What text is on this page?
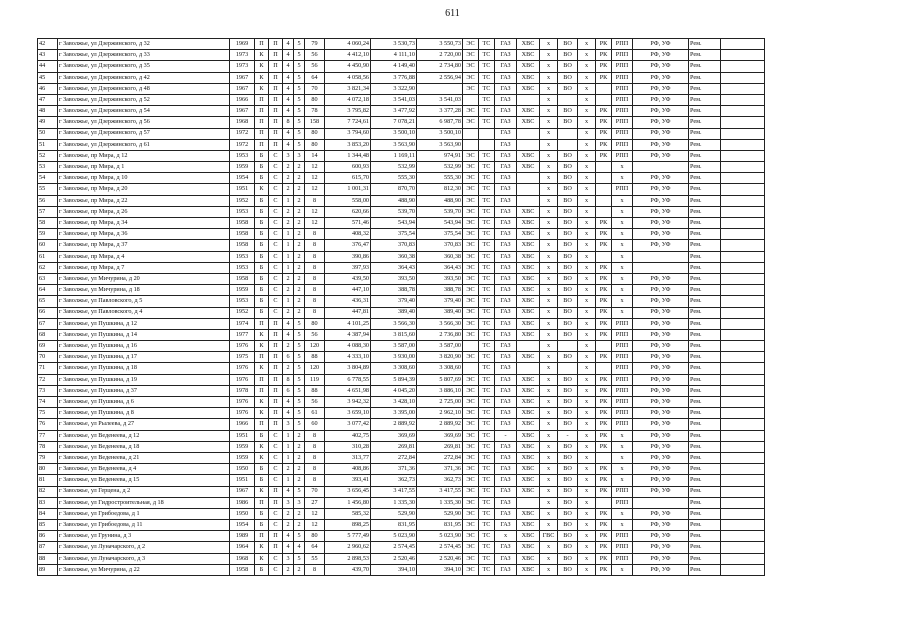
611
42	г Заволжье, ул Дзержинского, д 32	1969	П	П	4	5	79	4 060,24	3 530,73	3 550,73	ЭС	ТС	ГАЗ	ХВС	х	ВО	х	РК	РПП	РФ, УФ	Рем.	
43	г Заволжье, ул Дзержинского, д 33	1973	К	П	4	5	56	4 412,10	4 111,10	2 720,00	ЭС	ТС	ГАЗ	ХВС	х	ВО	х	РК	РПП	РФ, УФ	Рем.	
44	г Заволжье, ул Дзержинского, д 35	1973	К	П	4	5	56	4 450,90	4 149,40	2 734,80	ЭС	ТС	ГАЗ	ХВС	х	ВО	х	РК	РПП	РФ, УФ	Рем.	
45	г Заволжье, ул Дзержинского, д 42	1967	К	П	4	5	64	4 058,56	3 776,88	2 556,94	ЭС	ТС	ГАЗ	ХВС	х	ВО	х	РК	РПП	РФ, УФ	Рем.	
46	г Заволжье, ул Дзержинского, д 48	1967	К	П	4	5	70	3 821,34	3 322,90		ЭС	ТС	ГАЗ	ХВС	х	ВО	х		РПП	РФ, УФ	Рем.	
47	г Заволжье, ул Дзержинского, д 52	1966	П	П	4	5	80	4 072,18	3 541,03	3 541,03		ТС	ГАЗ		х		х		РПП	РФ, УФ	Рем.	
48	г Заволжье, ул Дзержинского, д 54	1967	П	П	4	5	78	3 795,82	3 477,92	3 377,28	ЭС	ТС	ГАЗ	ХВС	х	ВО	х	РК	РПП	РФ, УФ	Рем.	
49	г Заволжье, ул Дзержинского, д 56	1968	П	П	8	5	158	7 724,61	7 078,21	6 987,78	ЭС	ТС	ГАЗ	ХВС	х	ВО	х	РК	РПП	РФ, УФ	Рем.	
50	г Заволжье, ул Дзержинского, д 57	1972	П	П	4	5	80	3 794,60	3 500,10	3 500,10			ГАЗ		х		х	РК	РПП	РФ, УФ	Рем.	
51	г Заволжье, ул Дзержинского, д 61	1972	П	П	4	5	80	3 853,20	3 563,90	3 563,90			ГАЗ		х		х	РК	РПП	РФ, УФ	Рем.	
52	г Заволжье, пр Мира, д 12	1953	Б	С	3	3	14	1 344,48	1 169,11	974,91	ЭС	ТС	ГАЗ	ХВС	х	ВО	х	РК	РПП	РФ, УФ	Рем.	
53	г Заволжье, пр Мира, д 1	1959	Б	С	2	2	12	600,93	532,99	532,99	ЭС	ТС	ГАЗ	ХВС	х	ВО	х		х		Рем.	
54	г Заволжье, пр Мира, д 10	1954	Б	С	2	2	12	615,70	555,30	555,30	ЭС	ТС	ГАЗ		х	ВО	х		х	РФ, УФ	Рем.	
55	г Заволжье, пр Мира, д 20	1951	К	С	2	2	12	1 001,31	870,70	812,30	ЭС	ТС	ГАЗ		х	ВО	х		РПП	РФ, УФ	Рем.	
56	г Заволжье, пр Мира, д 22	1952	Б	С	1	2	8	558,00	488,90	488,90	ЭС	ТС	ГАЗ		х	ВО	х		х	РФ, УФ	Рем.	
57	г Заволжье, пр Мира, д 26	1953	Б	С	2	2	12	620,66	539,70	539,70	ЭС	ТС	ГАЗ	ХВС	х	ВО	х		х	РФ, УФ	Рем.	
58	г Заволжье, пр Мира, д 34	1958	Б	С	2	2	12	571,46	543,94	543,94	ЭС	ТС	ГАЗ	ХВС	х	ВО	х	РК	х	РФ, УФ	Рем.	
59	г Заволжье, пр Мира, д 36	1958	Б	С	1	2	8	408,32	375,54	375,54	ЭС	ТС	ГАЗ	ХВС	х	ВО	х	РК	х	РФ, УФ	Рем.	
60	г Заволжье, пр Мира, д 37	1958	Б	С	1	2	8	376,47	370,83	370,83	ЭС	ТС	ГАЗ	ХВС	х	ВО	х	РК	х	РФ, УФ	Рем.	
61	г Заволжье, пр Мира, д 4	1953	Б	С	1	2	8	390,86	360,38	360,38	ЭС	ТС	ГАЗ	ХВС	х	ВО	х		х		Рем.	
62	г Заволжье, пр Мира, д 7	1953	Б	С	1	2	8	397,93	364,43	364,43	ЭС	ТС	ГАЗ	ХВС	х	ВО	х	РК	х		Рем.	
63	г Заволжье, ул Мичурина, д 20	1958	Б	С	2	2	8	439,50	393,50	393,50	ЭС	ТС	ГАЗ	ХВС	х	ВО	х	РК	х	РФ, УФ	Рем.	
64	г Заволжье, ул Мичурина, д 18	1959	Б	С	2	2	8	447,10	388,78	388,78	ЭС	ТС	ГАЗ	ХВС	х	ВО	х	РК	х	РФ, УФ	Рем.	
65	г Заволжье, ул Павловского, д 5	1953	Б	С	1	2	8	436,31	379,40	379,40	ЭС	ТС	ГАЗ	ХВС	х	ВО	х	РК	х	РФ, УФ	Рем.	
66	г Заволжье, ул Павловского, д 4	1952	Б	С	2	2	8	447,81	389,40	389,40	ЭС	ТС	ГАЗ	ХВС	х	ВО	х	РК	х	РФ, УФ	Рем.	
67	г Заволжье, ул Пушкина, д 12	1974	П	П	4	5	80	4 101,25	3 566,30	3 566,30	ЭС	ТС	ГАЗ	ХВС	х	ВО	х	РК	РПП	РФ, УФ	Рем.	
68	г Заволжье, ул Пушкина, д 14	1977	К	П	4	5	56	4 387,94	3 815,60	2 736,80	ЭС	ТС	ГАЗ	ХВС	х	ВО	х	РК	РПП	РФ, УФ	Рем.	
69	г Заволжье, ул Пушкина, д 16	1976	К	П	2	5	120	4 088,30	3 587,00	3 587,00		ТС	ГАЗ		х		х		РПП	РФ, УФ	Рем.	
70	г Заволжье, ул Пушкина, д 17	1975	П	П	6	5	88	4 333,10	3 930,00	3 820,90	ЭС	ТС	ГАЗ	ХВС	х	ВО	х	РК	РПП	РФ, УФ	Рем.	
71	г Заволжье, ул Пушкина, д 18	1976	К	П	2	5	120	3 804,89	3 308,60	3 308,60		ТС	ГАЗ		х		х		РПП	РФ, УФ	Рем.	
72	г Заволжье, ул Пушкина, д 19	1976	П	П	8	5	119	6 778,55	5 894,39	5 807,69	ЭС	ТС	ГАЗ	ХВС	х	ВО	х	РК	РПП	РФ, УФ	Рем.	
73	г Заволжье, ул Пушкина, д 37	1978	П	П	6	5	88	4 651,98	4 045,20	3 886,10	ЭС	ТС	ГАЗ	ХВС	х	ВО	х	РК	РПП	РФ, УФ	Рем.	
74	г Заволжье, ул Пушкина, д 6	1976	К	П	4	5	56	3 942,32	3 428,10	2 725,00	ЭС	ТС	ГАЗ	ХВС	х	ВО	х	РК	РПП	РФ, УФ	Рем.	
75	г Заволжье, ул Пушкина, д 8	1976	К	П	4	5	61	3 659,10	3 395,00	2 962,10	ЭС	ТС	ГАЗ	ХВС	х	ВО	х	РК	РПП	РФ, УФ	Рем.	
76	г Заволжье, ул Рылеева, д 27	1966	П	П	3	5	60	3 077,42	2 889,92	2 889,92	ЭС	ТС	ГАЗ	ХВС	х	ВО	х	РК	РПП	РФ, УФ	Рем.	
77	г Заволжье, ул Веденеева, д 12	1951	Б	С	1	2	8	402,75	369,69	369,69	ЭС	ТС	-	ХВС	х	-	х	РК	х	РФ, УФ	Рем.	
78	г Заволжье, ул Веденеева, д 18	1959	К	С	1	2	8	310,28	269,81	269,81	ЭС	ТС	ГАЗ	ХВС	х	ВО	х	РК	х	РФ, УФ	Рем.	
79	г Заволжье, ул Веденеева, д 21	1959	К	С	1	2	8	313,77	272,84	272,84	ЭС	ТС	ГАЗ	ХВС	х	ВО	х		х	РФ, УФ	Рем.	
80	г Заволжье, ул Веденеева, д 4	1950	Б	С	2	2	8	408,86	371,36	371,36	ЭС	ТС	ГАЗ	ХВС	х	ВО	х	РК	х	РФ, УФ	Рем.	
81	г Заволжье, ул Веденеева, д 15	1951	Б	С	1	2	8	393,41	362,73	362,73	ЭС	ТС	ГАЗ	ХВС	х	ВО	х	РК	х	РФ, УФ	Рем.	
82	г Заволжье, ул Герцена, д 2	1967	К	П	4	5	70	3 656,45	3 417,55	3 417,55	ЭС	ТС	ГАЗ	ХВС	х	ВО	х	РК	РПП	РФ, УФ	Рем.	
83	г Заволжье, ул Гидростроительная, д 18	1986	П	П	3	3	27	1 456,80	1 335,30	1 335,30	ЭС	ТС	ГАЗ		х	ВО	х		РПП		Рем.	
84	г Заволжье, ул Грибоедова, д 1	1950	Б	С	2	2	12	585,32	529,90	529,90	ЭС	ТС	ГАЗ	ХВС	х	ВО	х	РК	х	РФ, УФ	Рем.	
85	г Заволжье, ул Грибоедова, д 11	1954	Б	С	2	2	12	898,25	831,95	831,95	ЭС	ТС	ГАЗ	ХВС	х	ВО	х	РК	х	РФ, УФ	Рем.	
86	г Заволжье, ул Грунина, д 3	1989	П	П	4	5	80	5 777,49	5 023,90	5 023,90	ЭС	ТС	х	ХВС	ГВС	ВО	х	РК	РПП	РФ, УФ	Рем.	
87	г Заволжье, ул Луначарского, д 2	1964	К	П	4	4	64	2 960,62	2 574,45	2 574,45	ЭС	ТС	ГАЗ	ХВС	х	ВО	х	РК	РПП	РФ, УФ	Рем.	
88	г Заволжье, ул Луначарского, д 3	1968	К	С	3	5	55	2 898,53	2 520,46	2 520,46	ЭС	ТС	ГАЗ	ХВС	х	ВО	х	РК	РПП	РФ, УФ	Рем.	
89	г Заволжье, ул Мичурина, д 22	1958	Б	С	2	2	8	439,70	394,10	394,10	ЭС	ТС	ГАЗ	ХВС	х	ВО	х	РК	х	РФ, УФ	Рем.	
